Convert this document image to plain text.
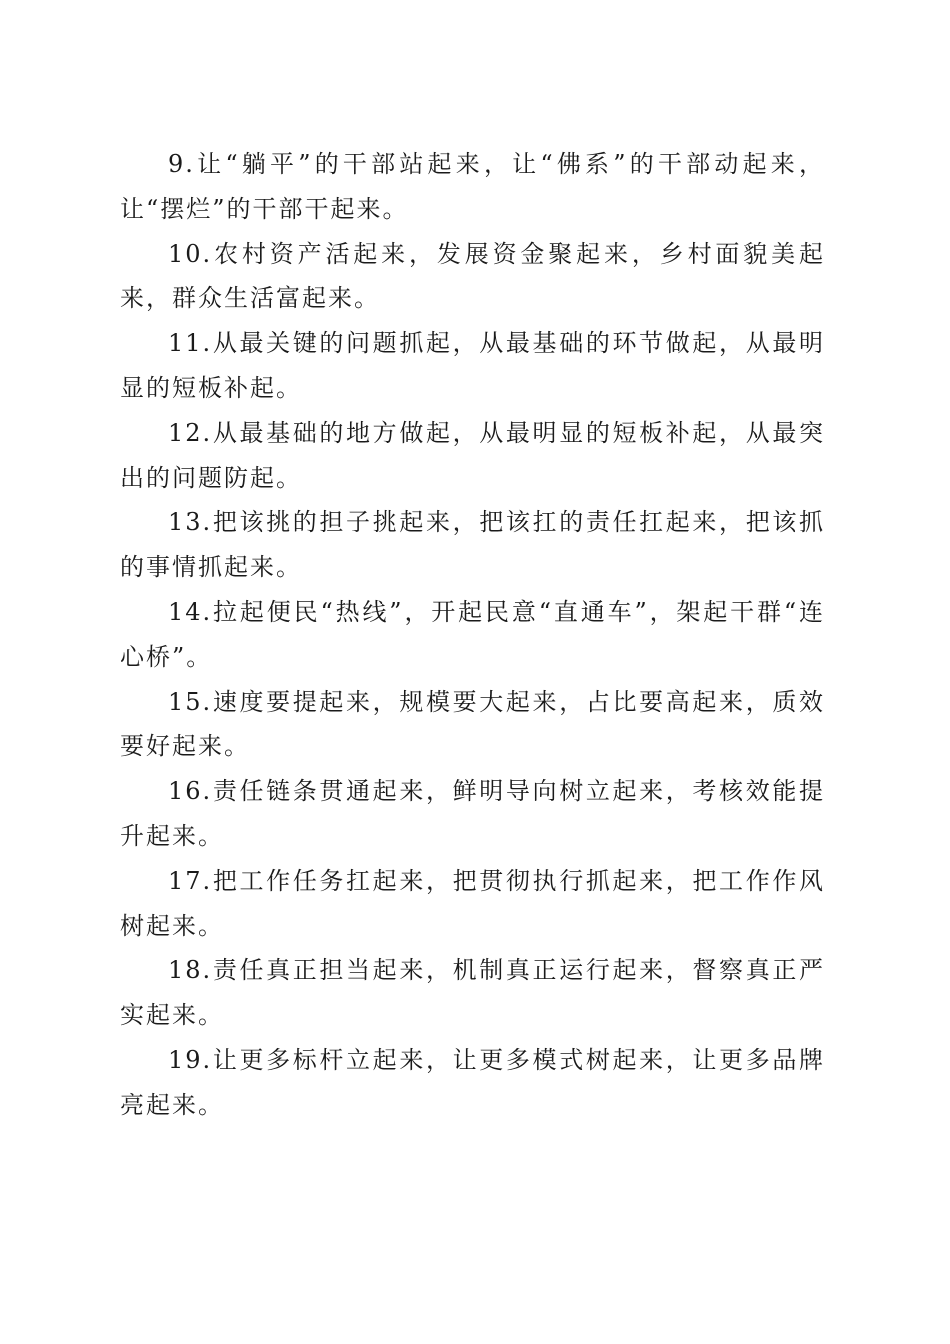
9.让“躺平”的干部站起来，让“佛系”的干部动起来，让“摆烂”的干部干起来。

10.农村资产活起来，发展资金聚起来，乡村面貌美起来，群众生活富起来。

11.从最关键的问题抓起，从最基础的环节做起，从最明显的短板补起。

12.从最基础的地方做起，从最明显的短板补起，从最突出的问题防起。

13.把该挑的担子挑起来，把该扛的责任扛起来，把该抓的事情抓起来。

14.拉起便民“热线”，开起民意“直通车”，架起干群“连心桥”。

15.速度要提起来，规模要大起来，占比要高起来，质效要好起来。

16.责任链条贯通起来，鲜明导向树立起来，考核效能提升起来。

17.把工作任务扛起来，把贯彻执行抓起来，把工作作风树起来。

18.责任真正担当起来，机制真正运行起来，督察真正严实起来。

19.让更多标杆立起来，让更多模式树起来，让更多品牌亮起来。
